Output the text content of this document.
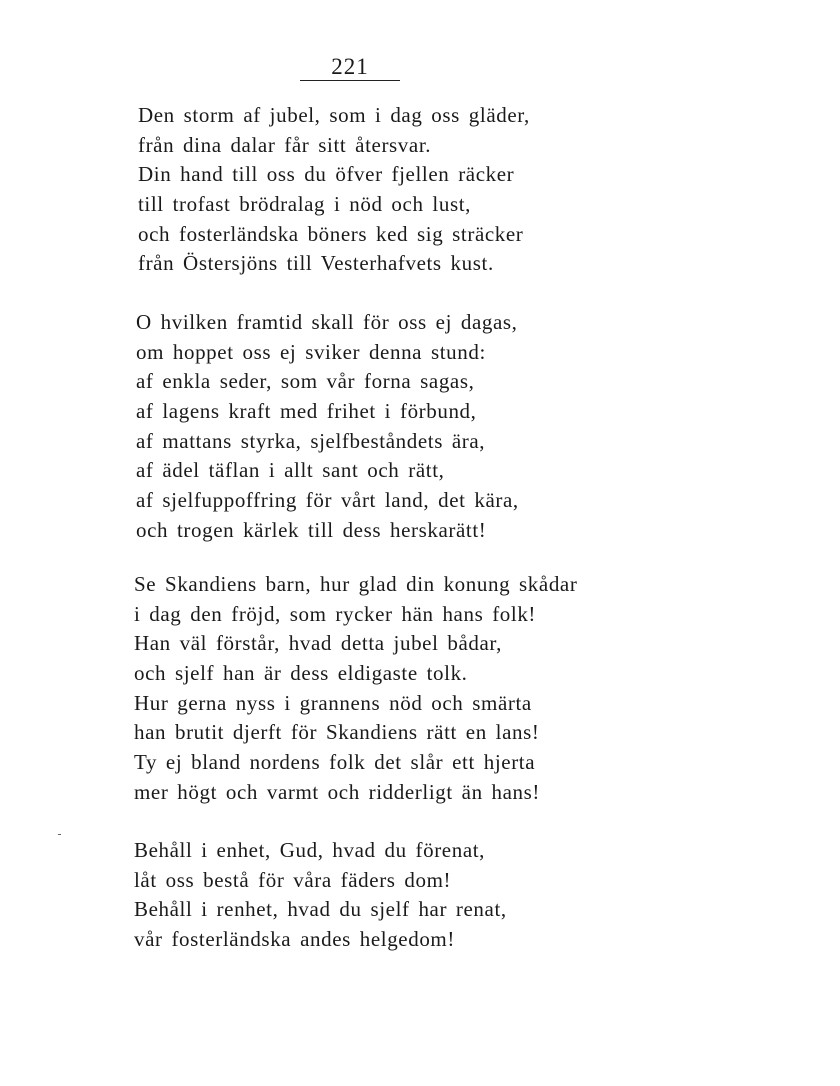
221
Den storm af jubel, som i dag oss gläder,
från dina dalar får sitt återsvar.
Din hand till oss du öfver fjellen räcker
till trofast brödralag i nöd och lust,
och fosterländska böners ked sig sträcker
från Östersjöns till Vesterhafvets kust.
O hvilken framtid skall för oss ej dagas,
om hoppet oss ej sviker denna stund:
af enkla seder, som vår forna sagas,
af lagens kraft med frihet i förbund,
af mattans styrka, sjelfbeståndets ära,
af ädel täflan i allt sant och rätt,
af sjelfuppoffring för vårt land, det kära,
och trogen kärlek till dess herskarätt!
Se Skandiens barn, hur glad din konung skådar
i dag den fröjd, som rycker hän hans folk!
Han väl förstår, hvad detta jubel bådar,
och sjelf han är dess eldigaste tolk.
Hur gerna nyss i grannens nöd och smärta
han brutit djerft för Skandiens rätt en lans!
Ty ej bland nordens folk det slår ett hjerta
mer högt och varmt och ridderligt än hans!
Behåll i enhet, Gud, hvad du förenat,
låt oss bestå för våra fäders dom!
Behåll i renhet, hvad du sjelf har renat,
vår fosterländska andes helgedom!
